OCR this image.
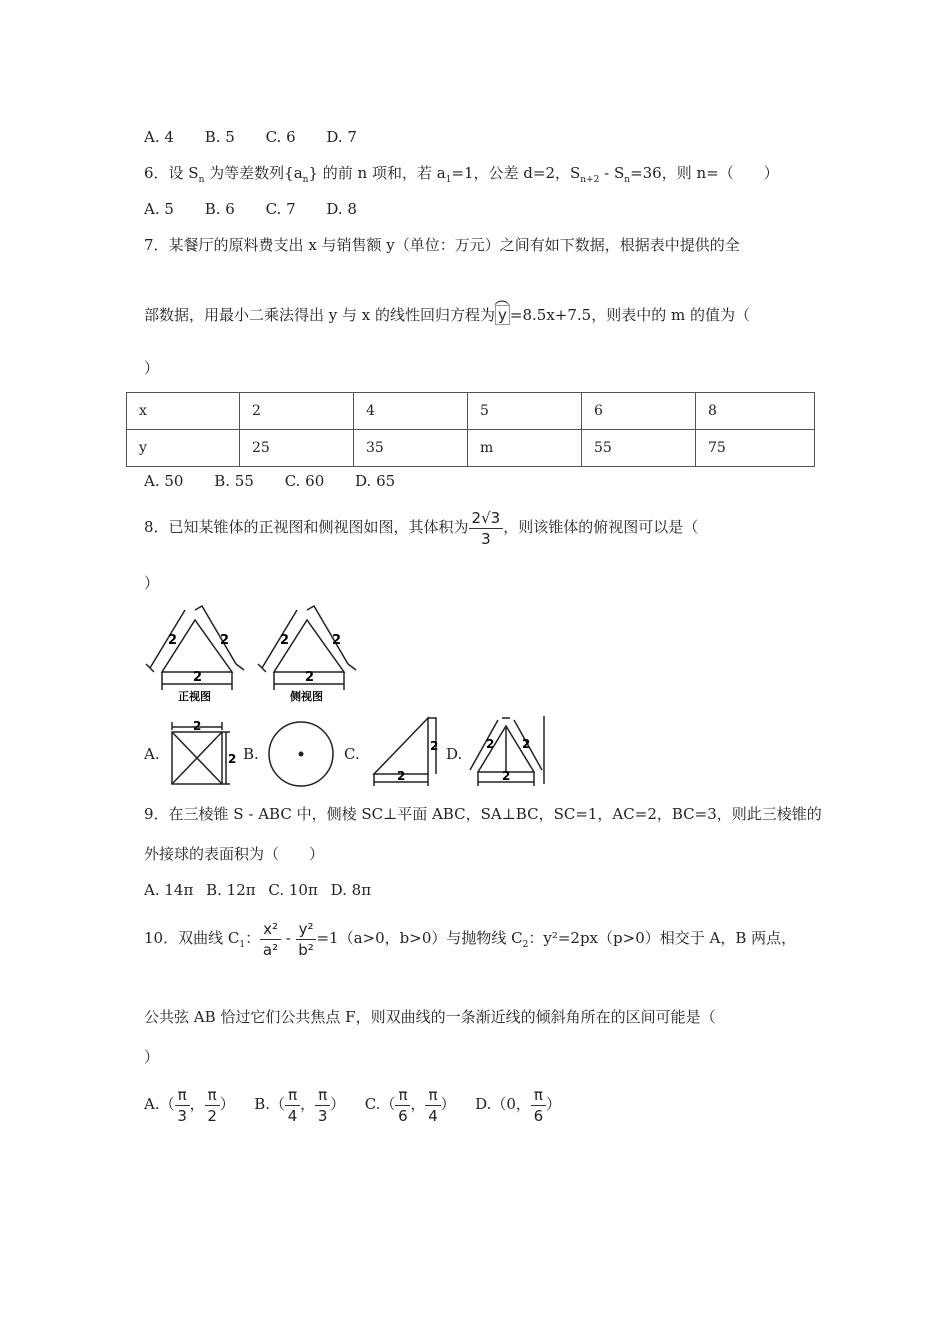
A. 4 B. 5 C. 6 D. 7
6．设 $S_n$ 为等差数列$\{a_n\}$ 的前 n 项和，若 $a_1=1$，公差 d=2，$S_{n+2}$ ‑ $S_n=36$，则 n=（　　）
A. 5 B. 6 C. 7 D. 8
7．某餐厅的原料费支出 x 与销售额 y（单位：万元）之间有如下数据，根据表中提供的全
部数据，用最小二乘法得出 y 与 x 的线性回归方程为
︵
y =8.5x+7.5，则表中的 m 的值为（
）
x	2	4	5	6	8
y	25	35	m	55	75
A. 50 B. 55 C. 60 D. 65
8．已知某锥体的正视图和侧视图如图，其体积为 $\frac{2√3}{3}$ ，则该锥体的俯视图可以是（
）
2	2
2
正视图
2	2
2
侧视图
A.
2
2 B.	C.	2
2
D.
2 2
2
9．在三棱锥 S ‑ ABC 中，侧棱 SC⊥平面 ABC，SA⊥BC，SC=1，AC=2，BC=3，则此三棱锥的
外接球的表面积为（　　）
A. 14π B. 12π C. 10π D. 8π
10．双曲线 $C_1$： $\frac{\text{x²}}{\text{a²}} - \frac{\text{y²}}{\text{b²}} =1(a>0$，b>0）与抛物线 $C_2$：y²=2px（p>0）相交于 A，B 两点，
公共弦 AB 恰过它们公共焦点 F，则双曲线的一条渐近线的倾斜角所在的区间可能是（
）
$A.( \frac{\pi}{3}$ ， $\frac{\pi}{2}$ ） $B.( \frac{\pi}{4}$ ， $\frac{\pi}{3}$ ） $C.( \frac{\pi}{6}$ ， $\frac{\pi}{4}$ ） D.（0， $\frac{\pi}{6}$ ）
